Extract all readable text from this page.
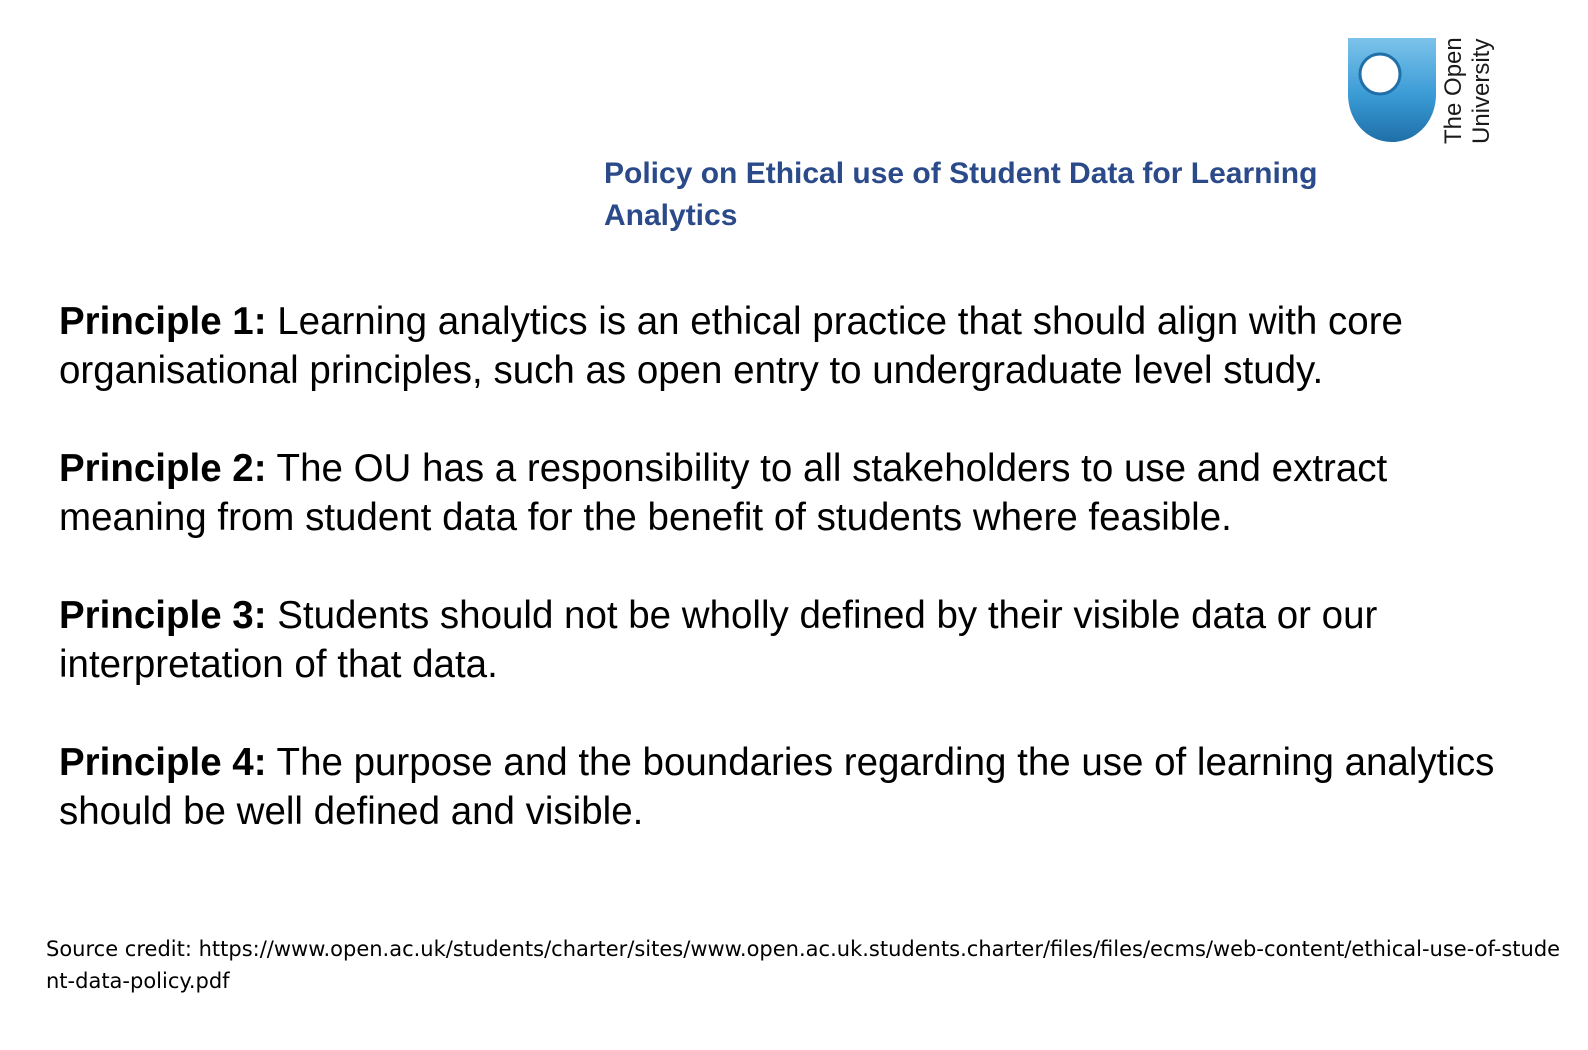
The Open University
Policy on Ethical use of Student Data for Learning Analytics
Principle 1: Learning analytics is an ethical practice that should align with core organisational principles, such as open entry to undergraduate level study.
Principle 2: The OU has a responsibility to all stakeholders to use and extract meaning from student data for the benefit of students where feasible.
Principle 3: Students should not be wholly defined by their visible data or our interpretation of that data.
Principle 4: The purpose and the boundaries regarding the use of learning analytics should be well defined and visible.

Source credit: https://www.open.ac.uk/students/charter/sites/www.open.ac.uk.students.charter/files/files/ecms/web-content/ethical-use-of-student-data-policy.pdf
